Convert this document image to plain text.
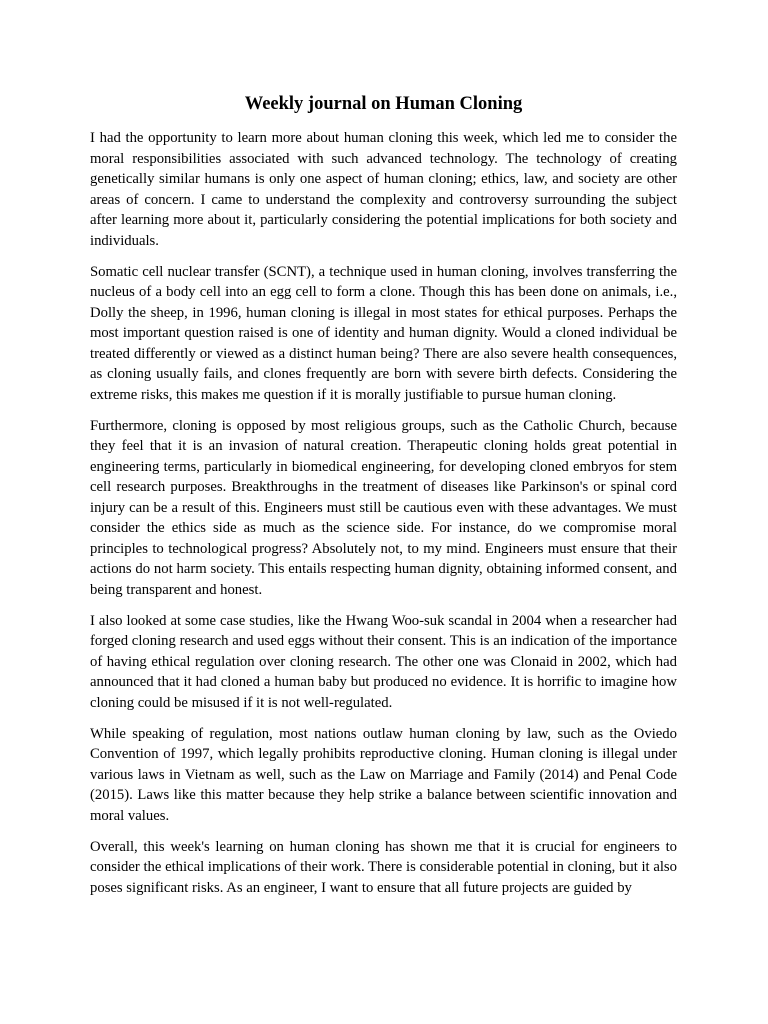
Weekly journal on Human Cloning

I had the opportunity to learn more about human cloning this week, which led me to consider the moral responsibilities associated with such advanced technology. The technology of creating genetically similar humans is only one aspect of human cloning; ethics, law, and society are other areas of concern. I came to understand the complexity and controversy surrounding the subject after learning more about it, particularly considering the potential implications for both society and individuals.

Somatic cell nuclear transfer (SCNT), a technique used in human cloning, involves transferring the nucleus of a body cell into an egg cell to form a clone. Though this has been done on animals, i.e., Dolly the sheep, in 1996, human cloning is illegal in most states for ethical purposes. Perhaps the most important question raised is one of identity and human dignity. Would a cloned individual be treated differently or viewed as a distinct human being? There are also severe health consequences, as cloning usually fails, and clones frequently are born with severe birth defects. Considering the extreme risks, this makes me question if it is morally justifiable to pursue human cloning.

Furthermore, cloning is opposed by most religious groups, such as the Catholic Church, because they feel that it is an invasion of natural creation. Therapeutic cloning holds great potential in engineering terms, particularly in biomedical engineering, for developing cloned embryos for stem cell research purposes. Breakthroughs in the treatment of diseases like Parkinson's or spinal cord injury can be a result of this. Engineers must still be cautious even with these advantages. We must consider the ethics side as much as the science side. For instance, do we compromise moral principles to technological progress? Absolutely not, to my mind. Engineers must ensure that their actions do not harm society. This entails respecting human dignity, obtaining informed consent, and being transparent and honest.

I also looked at some case studies, like the Hwang Woo-suk scandal in 2004 when a researcher had forged cloning research and used eggs without their consent. This is an indication of the importance of having ethical regulation over cloning research. The other one was Clonaid in 2002, which had announced that it had cloned a human baby but produced no evidence. It is horrific to imagine how cloning could be misused if it is not well-regulated.

While speaking of regulation, most nations outlaw human cloning by law, such as the Oviedo Convention of 1997, which legally prohibits reproductive cloning. Human cloning is illegal under various laws in Vietnam as well, such as the Law on Marriage and Family (2014) and Penal Code (2015). Laws like this matter because they help strike a balance between scientific innovation and moral values.

Overall, this week's learning on human cloning has shown me that it is crucial for engineers to consider the ethical implications of their work. There is considerable potential in cloning, but it also poses significant risks. As an engineer, I want to ensure that all future projects are guided by
